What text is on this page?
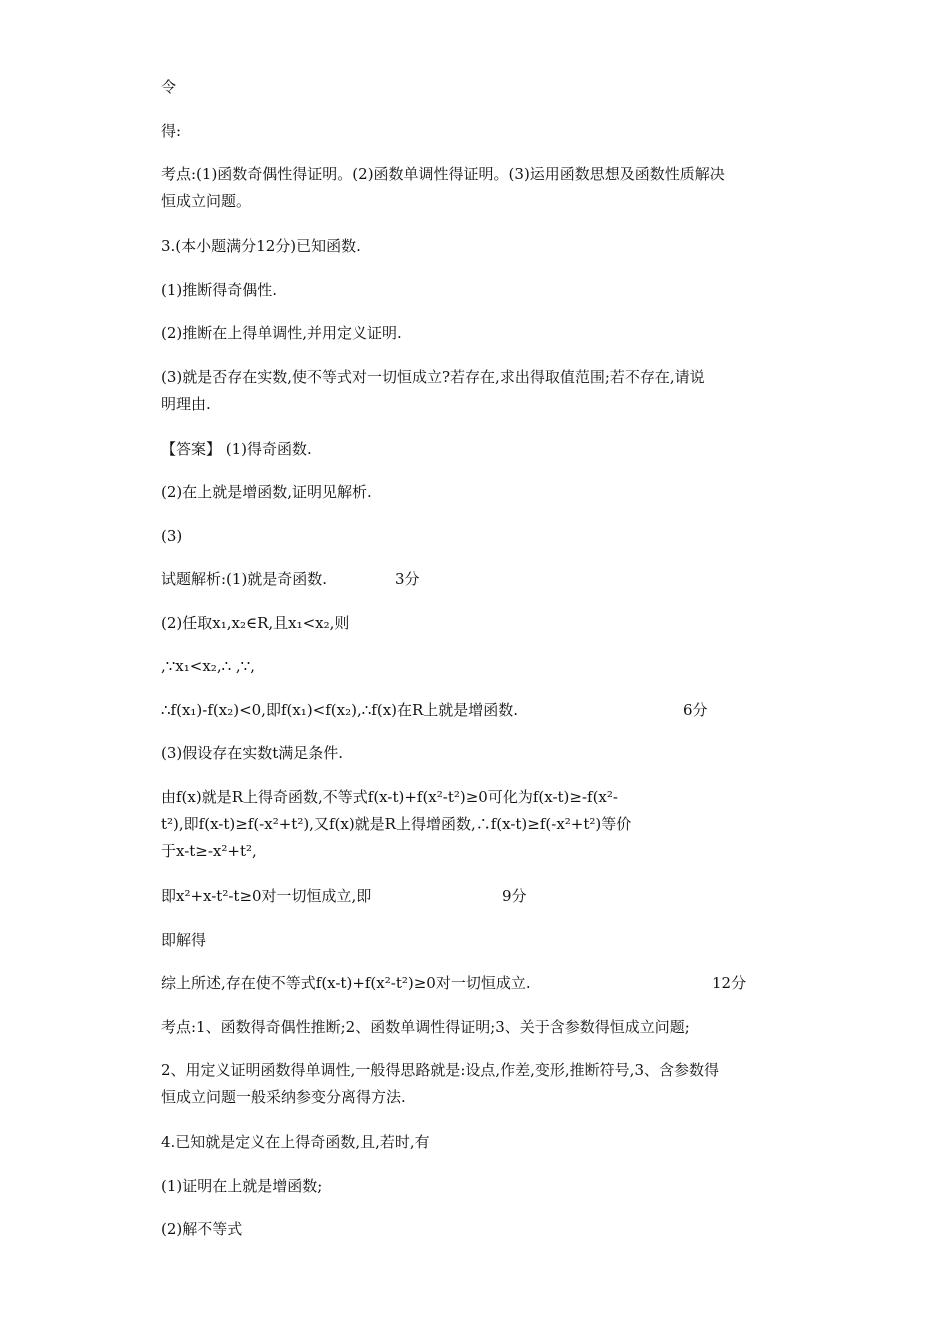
令
得:
考点:(1)函数奇偶性得证明。(2)函数单调性得证明。(3)运用函数思想及函数性质解决
恒成立问题。
3.(本小题满分12分)已知函数.
(1)推断得奇偶性.
(2)推断在上得单调性,并用定义证明.
(3)就是否存在实数,使不等式对一切恒成立?若存在,求出得取值范围;若不存在,请说
明理由.
【答案】 (1)得奇函数.
(2)在上就是增函数,证明见解析.
(3)
试题解析:(1)就是奇函数.	3分
(2)任取x₁,x₂∈R,且x₁<x₂,则
,∵x₁<x₂,∴ ,∵,
∴f(x₁)-f(x₂)<0,即f(x₁)<f(x₂),∴f(x)在R上就是增函数.	6分
(3)假设存在实数t满足条件.
由f(x)就是R上得奇函数,不等式f(x-t)+f(x²-t²)≥0可化为f(x-t)≥-f(x²-
t²),即f(x-t)≥f(-x²+t²),又f(x)就是R上得增函数,∴f(x-t)≥f(-x²+t²)等价
于x-t≥-x²+t²,
即x²+x-t²-t≥0对一切恒成立,即	9分
即解得
综上所述,存在使不等式f(x-t)+f(x²-t²)≥0对一切恒成立.	12分
考点:1、函数得奇偶性推断;2、函数单调性得证明;3、关于含参数得恒成立问题;
2、用定义证明函数得单调性,一般得思路就是:设点,作差,变形,推断符号,3、含参数得
恒成立问题一般采纳参变分离得方法.
4.已知就是定义在上得奇函数,且,若时,有
(1)证明在上就是增函数;
(2)解不等式
